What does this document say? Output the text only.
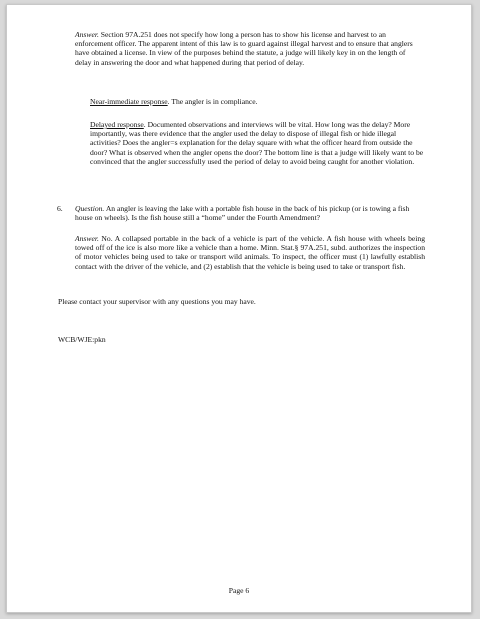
Answer. Section 97A.251 does not specify how long a person has to show his license and harvest to an enforcement officer. The apparent intent of this law is to guard against illegal harvest and to ensure that anglers have obtained a license. In view of the purposes behind the statute, a judge will likely key in on the length of delay in answering the door and what happened during that period of delay.
Near-immediate response. The angler is in compliance.
Delayed response. Documented observations and interviews will be vital. How long was the delay? More importantly, was there evidence that the angler used the delay to dispose of illegal fish or hide illegal activities? Does the angler=s explanation for the delay square with what the officer heard from outside the door? What is observed when the angler opens the door? The bottom line is that a judge will likely want to be convinced that the angler successfully used the period of delay to avoid being caught for another violation.
6. Question. An angler is leaving the lake with a portable fish house in the back of his pickup (or is towing a fish house on wheels). Is the fish house still a “home” under the Fourth Amendment?
Answer. No. A collapsed portable in the back of a vehicle is part of the vehicle. A fish house with wheels being towed off of the ice is also more like a vehicle than a home. Minn. Stat.§ 97A.251, subd. authorizes the inspection of motor vehicles being used to take or transport wild animals. To inspect, the officer must (1) lawfully establish contact with the driver of the vehicle, and (2) establish that the vehicle is being used to take or transport fish.
Please contact your supervisor with any questions you may have.
WCB/WJE:pkn
Page 6
